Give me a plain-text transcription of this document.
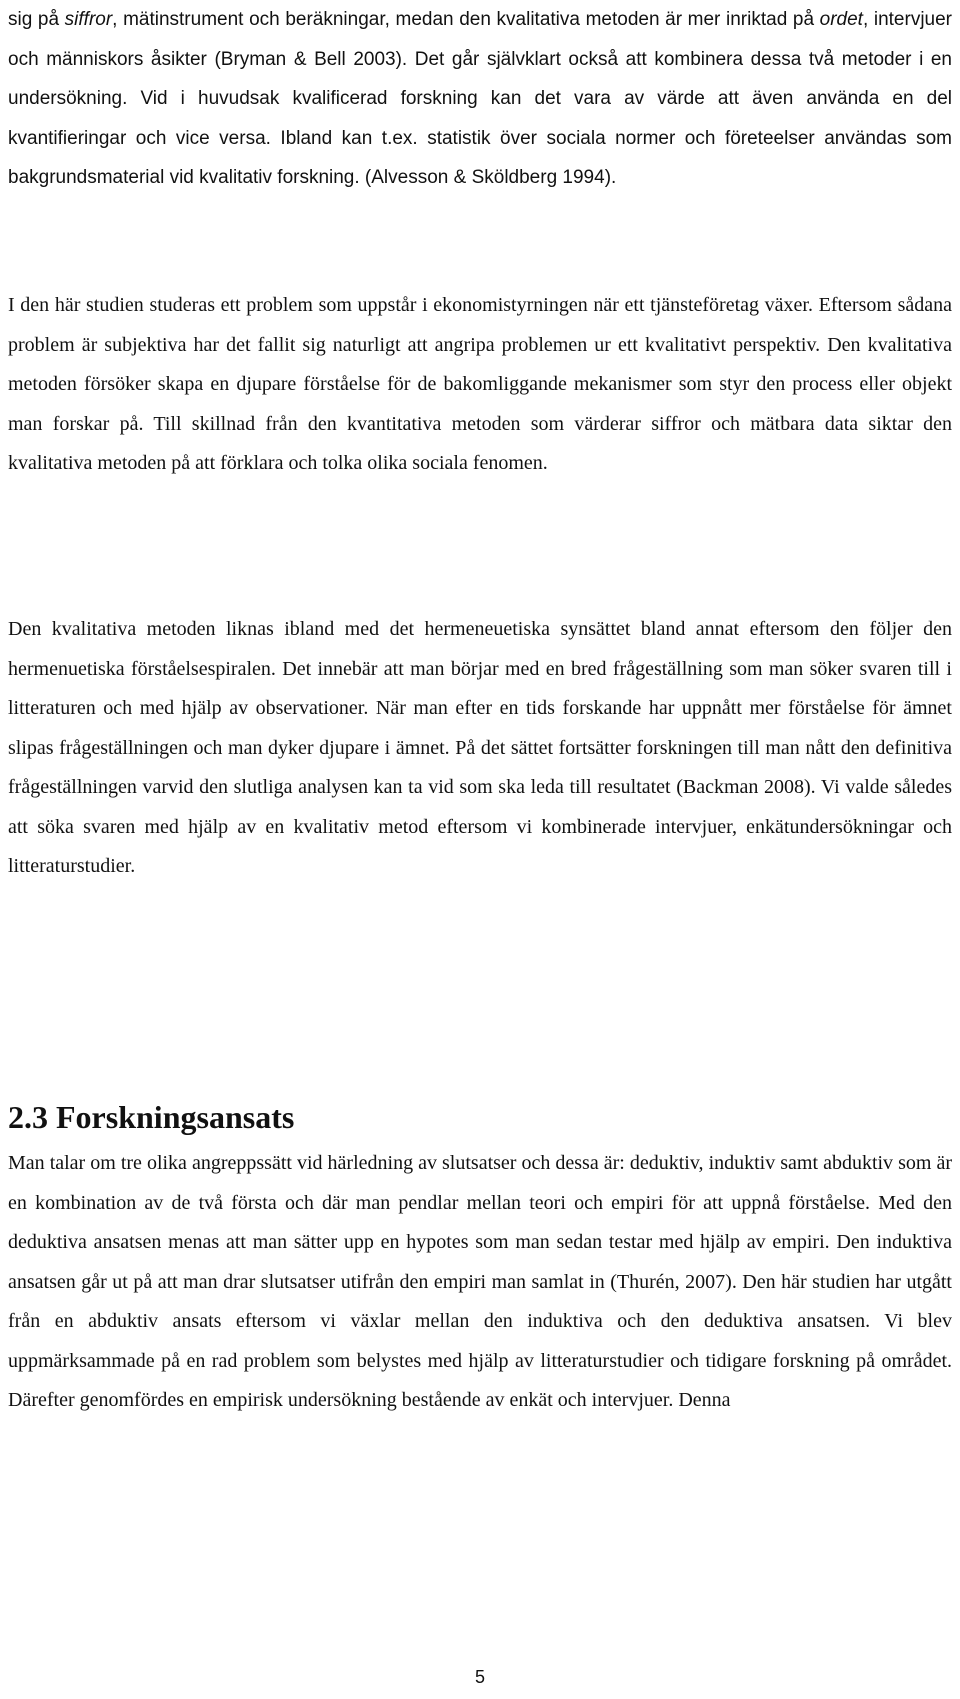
sig på siffror, mätinstrument och beräkningar, medan den kvalitativa metoden är mer inriktad på ordet, intervjuer och människors åsikter (Bryman & Bell 2003). Det går självklart också att kombinera dessa två metoder i en undersökning. Vid i huvudsak kvalificerad forskning kan det vara av värde att även använda en del kvantifieringar och vice versa. Ibland kan t.ex. statistik över sociala normer och företeelser användas som bakgrundsmaterial vid kvalitativ forskning. (Alvesson & Sköldberg 1994).

I den här studien studeras ett problem som uppstår i ekonomistyrningen när ett tjänsteföretag växer. Eftersom sådana problem är subjektiva har det fallit sig naturligt att angripa problemen ur ett kvalitativt perspektiv. Den kvalitativa metoden försöker skapa en djupare förståelse för de bakomliggande mekanismer som styr den process eller objekt man forskar på. Till skillnad från den kvantitativa metoden som värderar siffror och mätbara data siktar den kvalitativa metoden på att förklara och tolka olika sociala fenomen.

Den kvalitativa metoden liknas ibland med det hermeneuetiska synsättet bland annat eftersom den följer den hermenuetiska förståelsespiralen. Det innebär att man börjar med en bred frågeställning som man söker svaren till i litteraturen och med hjälp av observationer. När man efter en tids forskande har uppnått mer förståelse för ämnet slipas frågeställningen och man dyker djupare i ämnet. På det sättet fortsätter forskningen till man nått den definitiva frågeställningen varvid den slutliga analysen kan ta vid som ska leda till resultatet (Backman 2008). Vi valde således att söka svaren med hjälp av en kvalitativ metod eftersom vi kombinerade intervjuer, enkätundersökningar och litteraturstudier.

2.3 Forskningsansats

Man talar om tre olika angreppssätt vid härledning av slutsatser och dessa är: deduktiv, induktiv samt abduktiv som är en kombination av de två första och där man pendlar mellan teori och empiri för att uppnå förståelse. Med den deduktiva ansatsen menas att man sätter upp en hypotes som man sedan testar med hjälp av empiri. Den induktiva ansatsen går ut på att man drar slutsatser utifrån den empiri man samlat in (Thurén, 2007). Den här studien har utgått från en abduktiv ansats eftersom vi växlar mellan den induktiva och den deduktiva ansatsen. Vi blev uppmärksammade på en rad problem som belystes med hjälp av litteraturstudier och tidigare forskning på området. Därefter genomfördes en empirisk undersökning bestående av enkät och intervjuer. Denna

5
